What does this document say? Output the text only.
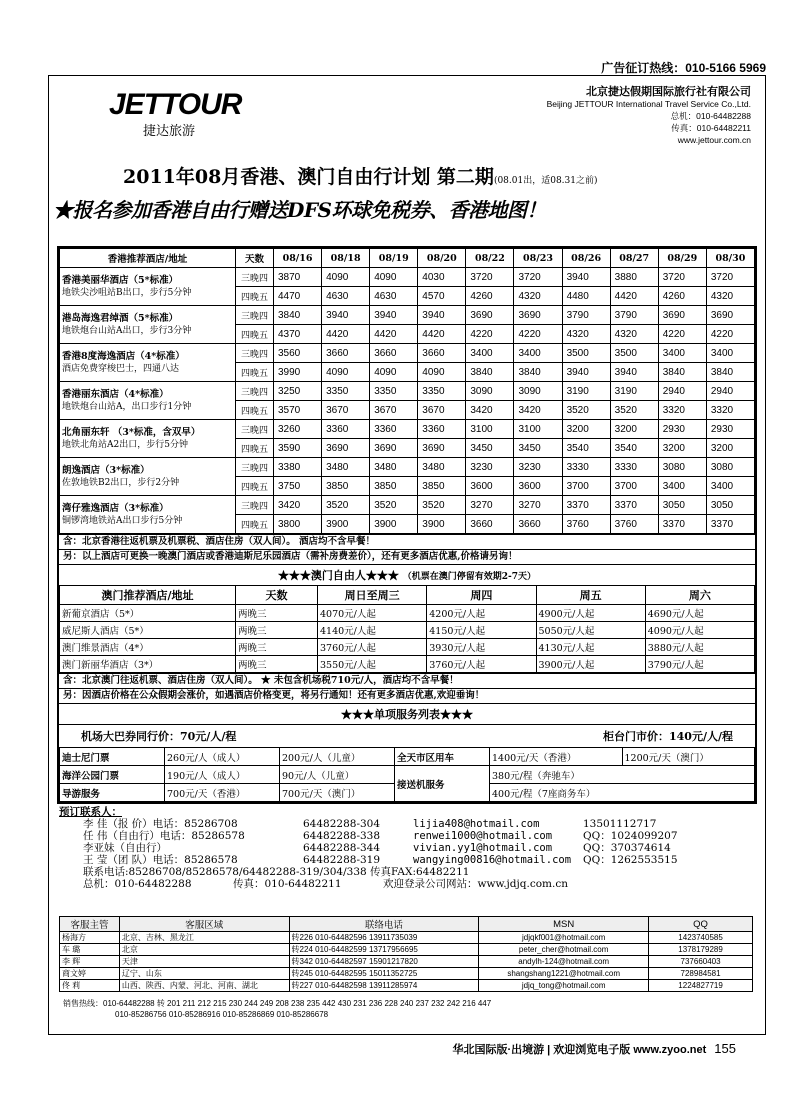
广告征订热线：010-5166 5969
JETTOUR
捷达旅游
北京捷达假期国际旅行社有限公司
Beijing JETTOUR International Travel Service Co.,Ltd.
总机：010-64482288
传真：010-64482211
www.jettour.com.cn
2011年08月香港、澳门自由行计划 第二期(08.01出，适08.31之前)
★报名参加香港自由行赠送DFS环球免税券、香港地图！
香港推荐酒店/地址	天数	08/16	08/18	08/19	08/20	08/22	08/23	08/26	08/27	08/29	08/30
香港美丽华酒店（5*标准）
地铁尖沙咀站B出口，步行5分钟	三晚四	3870	4090	4090	4030	3720	3720	3940	3880	3720	3720
	四晚五	4470	4630	4630	4570	4260	4320	4480	4420	4260	4320
港岛海逸君绰酒（5*标准）
地铁炮台山站A出口，步行3分钟	三晚四	3840	3940	3940	3940	3690	3690	3790	3790	3690	3690
	四晚五	4370	4420	4420	4420	4220	4220	4320	4320	4220	4220
香港8度海逸酒店（4*标准）
酒店免费穿梭巴士，四通八达	三晚四	3560	3660	3660	3660	3400	3400	3500	3500	3400	3400
	四晚五	3990	4090	4090	4090	3840	3840	3940	3940	3840	3840
香港丽东酒店（4*标准）
地铁炮台山站A，出口步行1分钟	三晚四	3250	3350	3350	3350	3090	3090	3190	3190	2940	2940
	四晚五	3570	3670	3670	3670	3420	3420	3520	3520	3320	3320
北角丽东轩 （3*标准，含双早）
地铁北角站A2出口，步行5分钟	三晚四	3260	3360	3360	3360	3100	3100	3200	3200	2930	2930
	四晚五	3590	3690	3690	3690	3450	3450	3540	3540	3200	3200
朗逸酒店（3*标准）
佐敦地铁B2出口，步行2分钟	三晚四	3380	3480	3480	3480	3230	3230	3330	3330	3080	3080
	四晚五	3750	3850	3850	3850	3600	3600	3700	3700	3400	3400
湾仔雅逸酒店（3*标准）
铜锣湾地铁站A出口步行5分钟	三晚四	3420	3520	3520	3520	3270	3270	3370	3370	3050	3050
	四晚五	3800	3900	3900	3900	3660	3660	3760	3760	3370	3370
含：北京香港往返机票及机票税、酒店住房（双人间）。 酒店均不含早餐！
另：以上酒店可更换一晚澳门酒店或香港迪斯尼乐园酒店（需补房费差价），还有更多酒店优惠,价格请另询！
★★★澳门自由人★★★ （机票在澳门停留有效期2-7天）
澳门推荐酒店/地址	天数	周日至周三	周四	周五	周六
新葡京酒店（5*）	两晚三	4070元/人起	4200元/人起	4900元/人起	4690元/人起
威尼斯人酒店（5*）	两晚三	4140元/人起	4150元/人起	5050元/人起	4090元/人起
澳门维景酒店（4*）	两晚三	3760元/人起	3930元/人起	4130元/人起	3880元/人起
澳门新丽华酒店（3*）	两晚三	3550元/人起	3760元/人起	3900元/人起	3790元/人起
含：北京澳门往返机票、酒店住房（双人间）。 ★ 未包含机场税710元/人，酒店均不含早餐！
另：因酒店价格在公众假期会涨价，如遇酒店价格变更，将另行通知！还有更多酒店优惠,欢迎垂询！
★★★单项服务列表★★★
机场大巴券同行价：70元/人/程	柜台门市价：140元/人/程
迪士尼门票	260元/人（成人）	200元/人（儿童）	全天市区用车	1400元/天（香港）	1200元/天（澳门）
海洋公园门票	190元/人（成人）	90元/人（儿童）	接送机服务	380元/程（奔驰车）	
导游服务	700元/天（香港）	700元/天（澳门）		400元/程（7座商务车）	
预订联系人：
李 佳（报 价）电话：85286708	64482288-304	lijia408@hotmail.com	13501112717
任 伟（自由行）电话：85286578	64482288-338	renwei1000@hotmail.com	QQ：1024099207
李亚妹（自由行）	64482288-344	vivian.yy1@hotmail.com	QQ：370374614
王 莹（团 队）电话：85286578	64482288-319	wangying00816@hotmail.com	QQ：1262553515
联系电话:85286708/85286578/64482288-319/304/338 传真FAX:64482211
总机：010-64482288	传真：010-64482211	欢迎登录公司网站：www.jdjq.com.cn
客服主管	客服区域	联络电话	MSN	QQ
杨海方	北京、吉林、黑龙江	转226 010-64482596 13911735039	jdjqkf001@hotmail.com	1423740585
车 璐	北京	转224 010-64482599 13717956695	peter_cher@hotmail.com	1378179289
李 辉	天津	转342 010-64482597 15901217820	andylh-124@hotmail.com	737660403
商文婷	辽宁、山东	转245 010-64482595 15011352725	shangshang1221@hotmail.com	728984581
佟 莉	山西、陕西、内蒙、河北、河南、湖北	转227 010-64482598 13911285974	jdjq_tong@hotmail.com	1224827719
销售热线：010-64482288 转 201 211 212 215 230 244 249 208 238 235 442 430 231 236 228 240 237 232 242 216 447
010-85286756 010-85286916 010-85286869 010-85286678
华北国际版·出境游 | 欢迎浏览电子版 www.zyoo.net 155
